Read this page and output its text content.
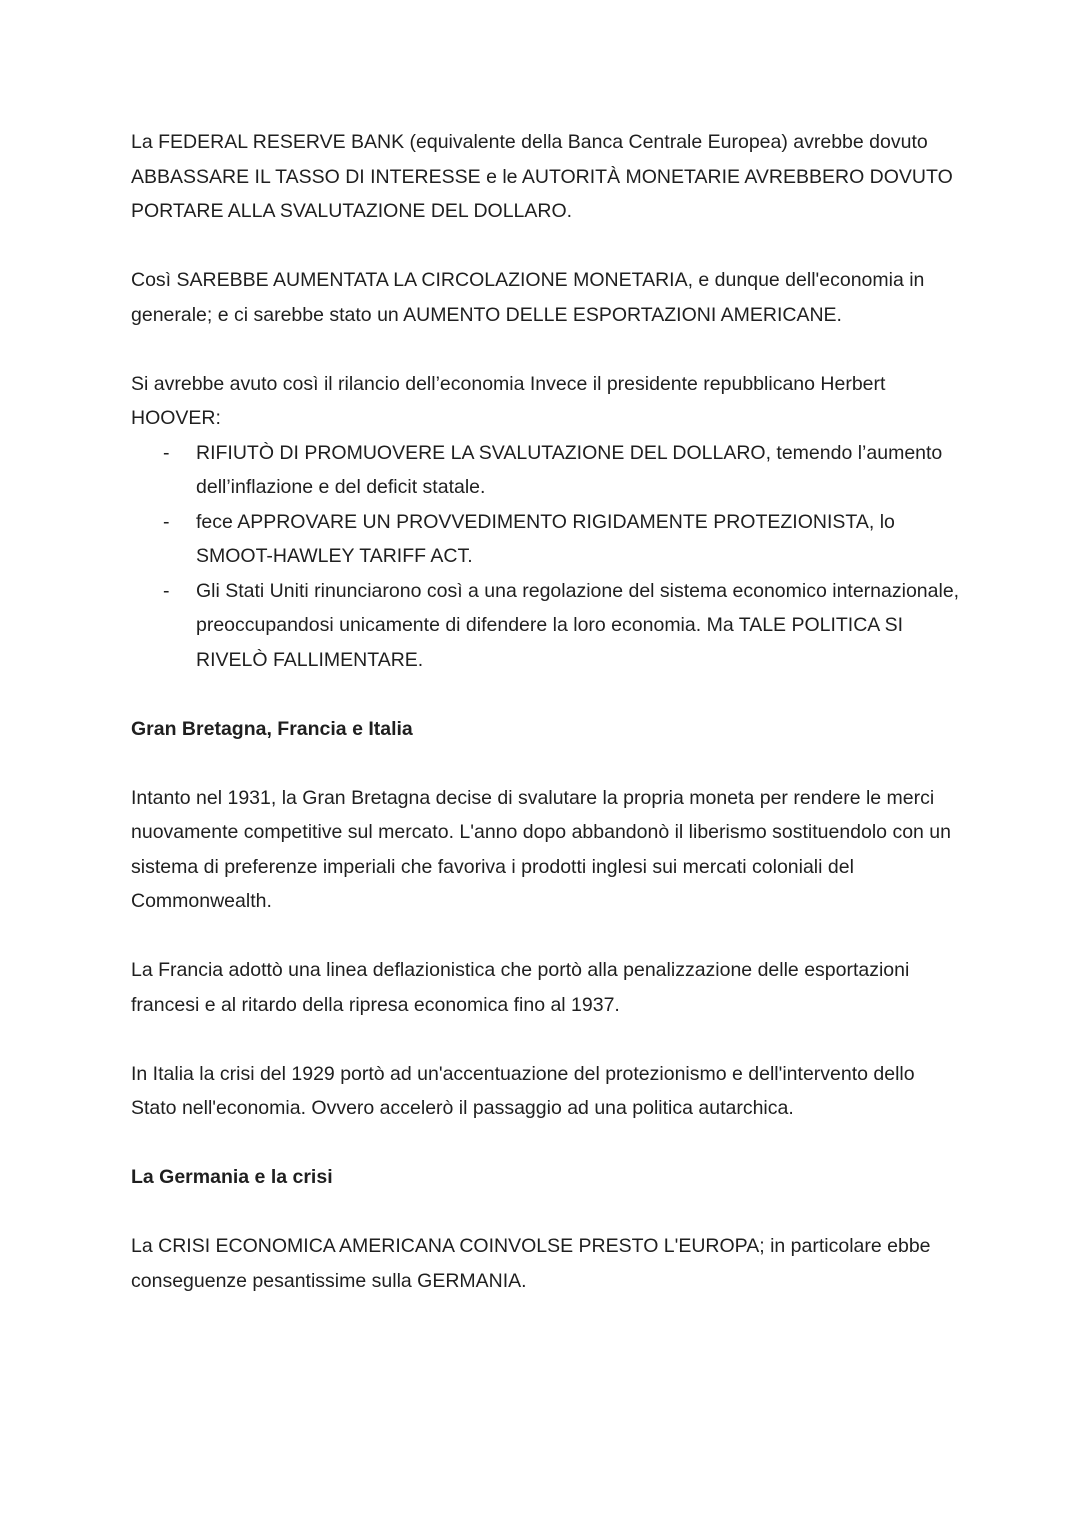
La FEDERAL RESERVE BANK (equivalente della Banca Centrale Europea) avrebbe dovuto ABBASSARE IL TASSO DI INTERESSE e le AUTORITÀ MONETARIE AVREBBERO DOVUTO PORTARE ALLA SVALUTAZIONE DEL DOLLARO.

Così SAREBBE AUMENTATA LA CIRCOLAZIONE MONETARIA, e dunque dell'economia in generale; e ci sarebbe stato un AUMENTO DELLE ESPORTAZIONI AMERICANE.

Si avrebbe avuto così il rilancio dell’economia Invece il presidente repubblicano Herbert HOOVER:

- RIFIUTÒ DI PROMUOVERE LA SVALUTAZIONE DEL DOLLARO, temendo l’aumento dell’inflazione e del deficit statale.
- fece APPROVARE UN PROVVEDIMENTO RIGIDAMENTE PROTEZIONISTA, lo SMOOT-HAWLEY TARIFF ACT.
- Gli Stati Uniti rinunciarono così a una regolazione del sistema economico internazionale, preoccupandosi unicamente di difendere la loro economia. Ma TALE POLITICA SI RIVELÒ FALLIMENTARE.

Gran Bretagna, Francia e Italia

Intanto nel 1931, la Gran Bretagna decise di svalutare la propria moneta per rendere le merci nuovamente competitive sul mercato. L'anno dopo abbandonò il liberismo sostituendolo con un sistema di preferenze imperiali che favoriva i prodotti inglesi sui mercati coloniali del Commonwealth.

La Francia adottò una linea deflazionistica che portò alla penalizzazione delle esportazioni francesi e al ritardo della ripresa economica fino al 1937.

In Italia la crisi del 1929 portò ad un'accentuazione del protezionismo e dell'intervento dello Stato nell'economia. Ovvero accelerò il passaggio ad una politica autarchica.

La Germania e la crisi

La CRISI ECONOMICA AMERICANA COINVOLSE PRESTO L'EUROPA; in particolare ebbe conseguenze pesantissime sulla GERMANIA.
